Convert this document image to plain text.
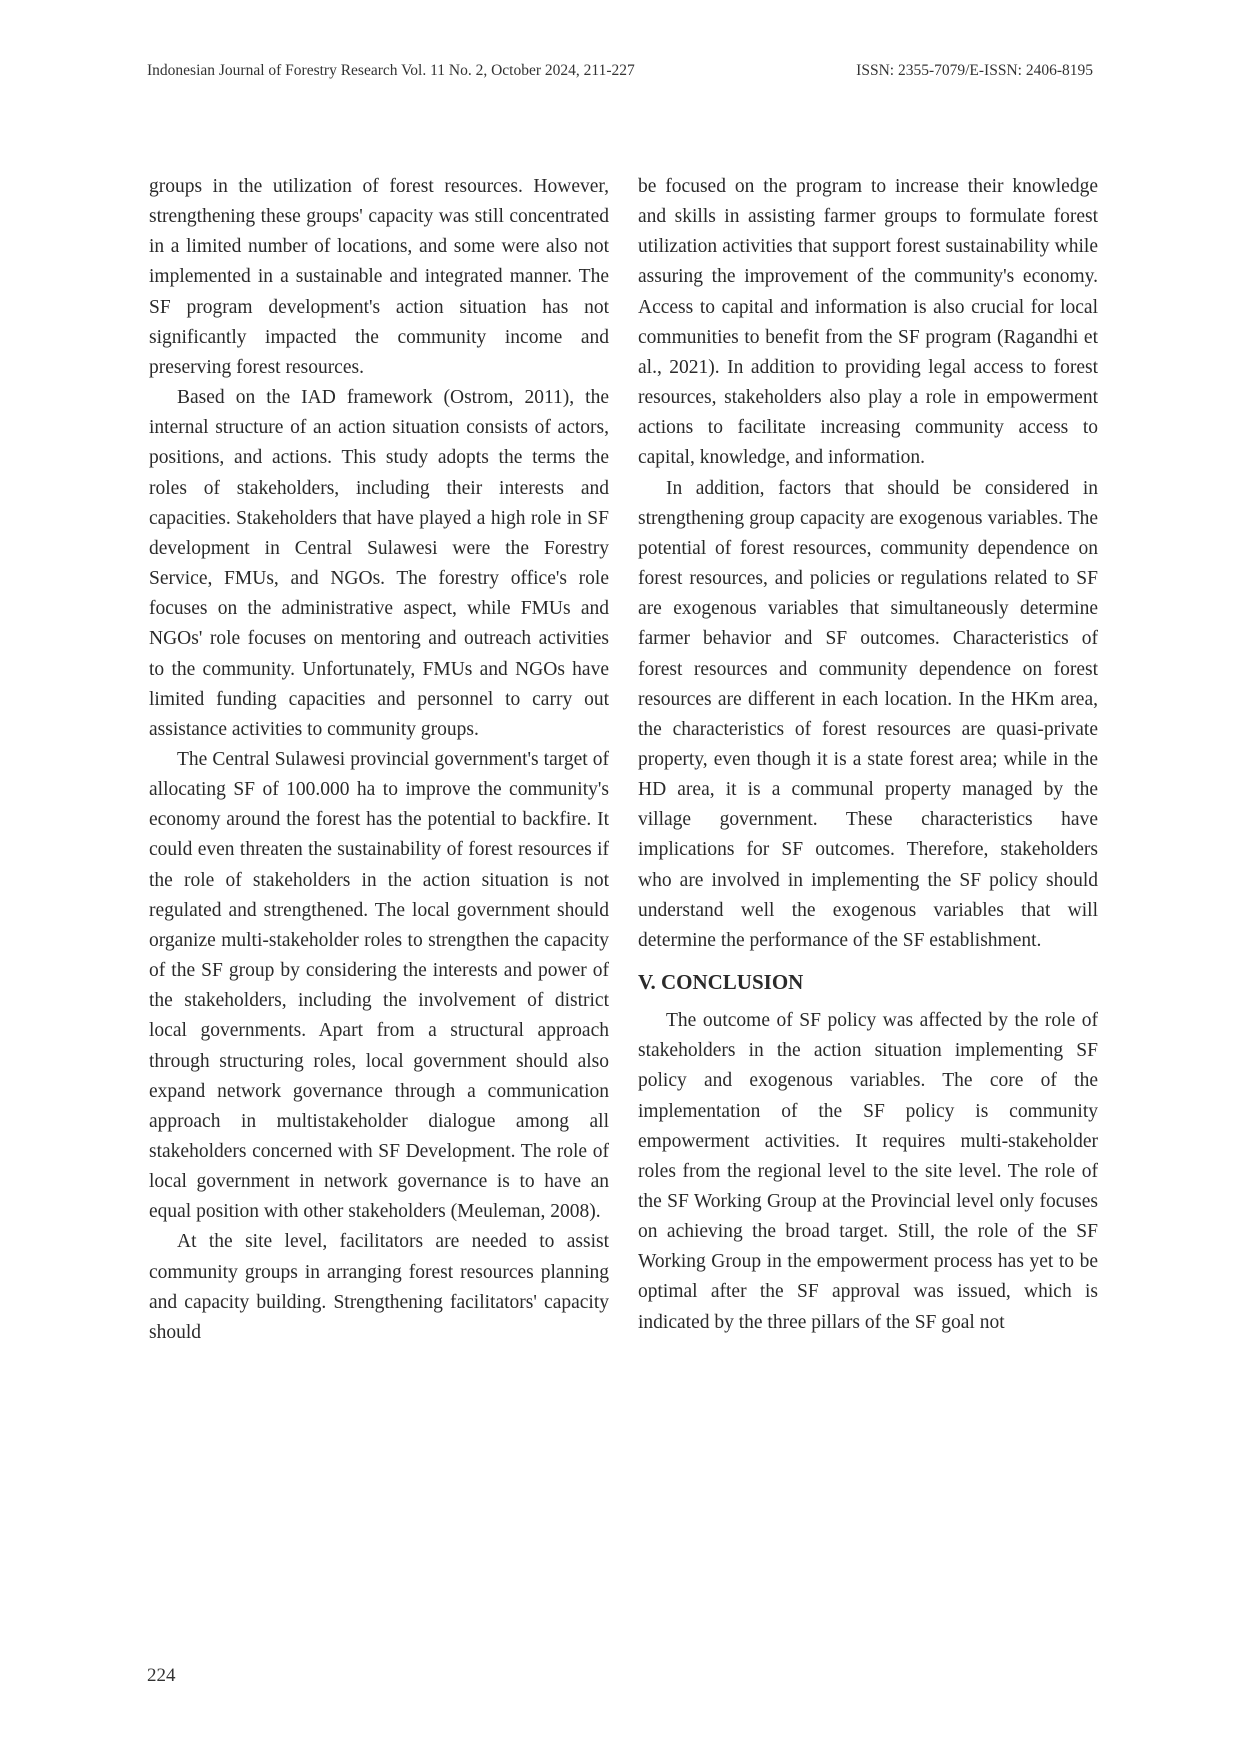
Indonesian Journal of Forestry Research Vol. 11 No. 2, October 2024, 211-227	ISSN: 2355-7079/E-ISSN: 2406-8195

groups in the utilization of forest resources. However, strengthening these groups' capacity was still concentrated in a limited number of locations, and some were also not implemented in a sustainable and integrated manner. The SF program development's action situation has not significantly impacted the community income and preserving forest resources.

Based on the IAD framework (Ostrom, 2011), the internal structure of an action situation consists of actors, positions, and actions. This study adopts the terms the roles of stakeholders, including their interests and capacities. Stakeholders that have played a high role in SF development in Central Sulawesi were the Forestry Service, FMUs, and NGOs. The forestry office's role focuses on the administrative aspect, while FMUs and NGOs' role focuses on mentoring and outreach activities to the community. Unfortunately, FMUs and NGOs have limited funding capacities and personnel to carry out assistance activities to community groups.

The Central Sulawesi provincial government's target of allocating SF of 100.000 ha to improve the community's economy around the forest has the potential to backfire. It could even threaten the sustainability of forest resources if the role of stakeholders in the action situation is not regulated and strengthened. The local government should organize multi-stakeholder roles to strengthen the capacity of the SF group by considering the interests and power of the stakeholders, including the involvement of district local governments. Apart from a structural approach through structuring roles, local government should also expand network governance through a communication approach in multistakeholder dialogue among all stakeholders concerned with SF Development. The role of local government in network governance is to have an equal position with other stakeholders (Meuleman, 2008).

At the site level, facilitators are needed to assist community groups in arranging forest resources planning and capacity building. Strengthening facilitators' capacity should

be focused on the program to increase their knowledge and skills in assisting farmer groups to formulate forest utilization activities that support forest sustainability while assuring the improvement of the community's economy. Access to capital and information is also crucial for local communities to benefit from the SF program (Ragandhi et al., 2021). In addition to providing legal access to forest resources, stakeholders also play a role in empowerment actions to facilitate increasing community access to capital, knowledge, and information.

In addition, factors that should be considered in strengthening group capacity are exogenous variables. The potential of forest resources, community dependence on forest resources, and policies or regulations related to SF are exogenous variables that simultaneously determine farmer behavior and SF outcomes. Characteristics of forest resources and community dependence on forest resources are different in each location. In the HKm area, the characteristics of forest resources are quasi-private property, even though it is a state forest area; while in the HD area, it is a communal property managed by the village government. These characteristics have implications for SF outcomes. Therefore, stakeholders who are involved in implementing the SF policy should understand well the exogenous variables that will determine the performance of the SF establishment.

V. CONCLUSION

The outcome of SF policy was affected by the role of stakeholders in the action situation implementing SF policy and exogenous variables. The core of the implementation of the SF policy is community empowerment activities. It requires multi-stakeholder roles from the regional level to the site level. The role of the SF Working Group at the Provincial level only focuses on achieving the broad target. Still, the role of the SF Working Group in the empowerment process has yet to be optimal after the SF approval was issued, which is indicated by the three pillars of the SF goal not

224
